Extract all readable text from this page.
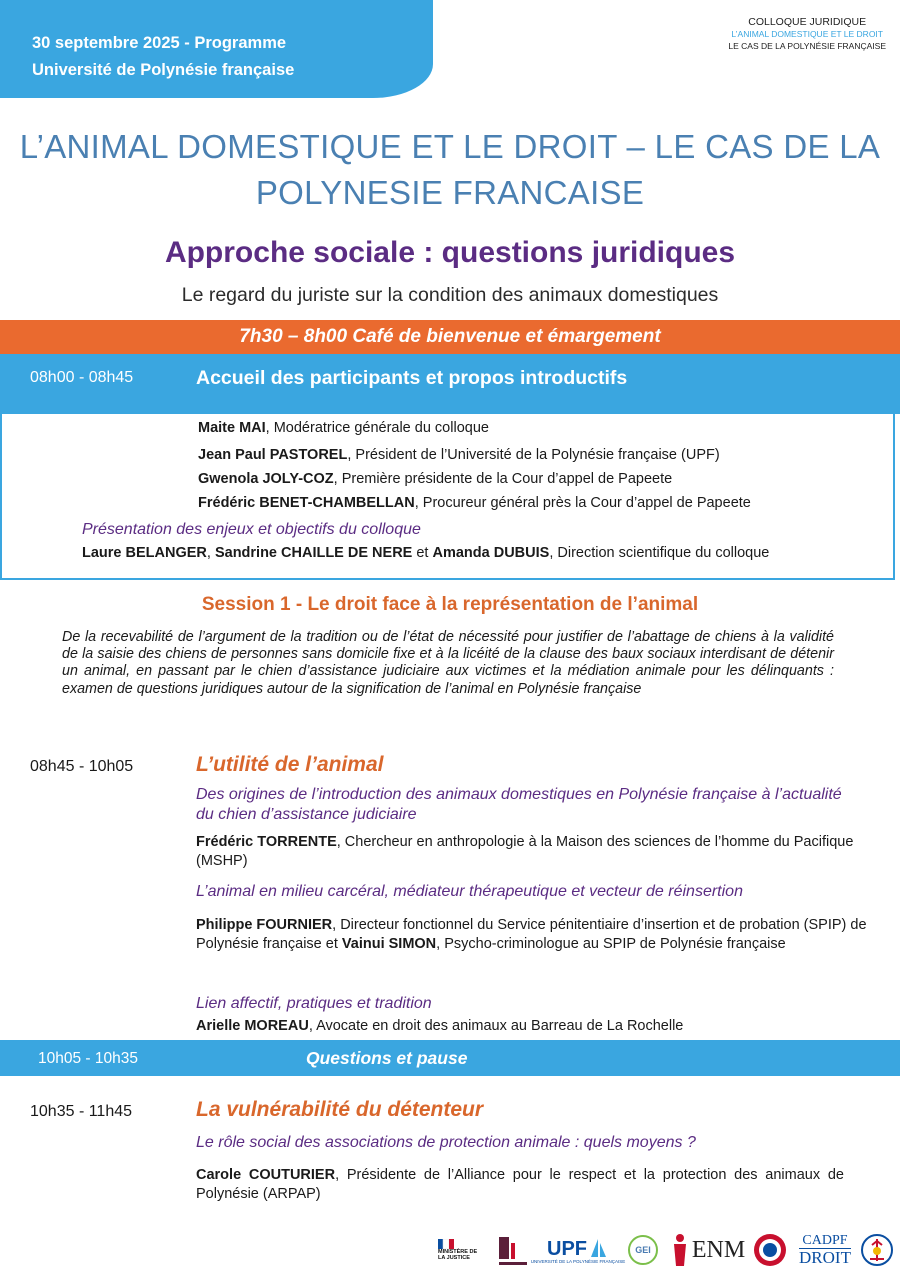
30 septembre 2025 - Programme
Université de Polynésie française
COLLOQUE JURIDIQUE
L’ANIMAL DOMESTIQUE ET LE DROIT
LE CAS DE LA POLYNÉSIE FRANÇAISE
L’ANIMAL DOMESTIQUE ET LE DROIT – LE CAS DE LA
POLYNESIE FRANCAISE
Approche sociale : questions juridiques
Le regard du juriste sur la condition des animaux domestiques
7h30 – 8h00 Café de bienvenue et émargement
08h00 - 08h45	Accueil des participants et propos introductifs
Maite MAI, Modératrice générale du colloque
Jean Paul PASTOREL, Président de l’Université de la Polynésie française (UPF)
Gwenola JOLY-COZ, Première présidente de la Cour d’appel de Papeete
Frédéric BENET-CHAMBELLAN, Procureur général près la Cour d’appel de Papeete
Présentation des enjeux et objectifs du colloque
Laure BELANGER, Sandrine CHAILLE DE NERE et Amanda DUBUIS, Direction scientifique du colloque
Session 1 - Le droit face à la représentation de l’animal
De la recevabilité de l’argument de la tradition ou de l’état de nécessité pour justifier de l’abattage de chiens à la validité de la saisie des chiens de personnes sans domicile fixe et à la licéité de la clause des baux sociaux interdisant de détenir un animal, en passant par le chien d’assistance judiciaire aux victimes et la médiation animale pour les délinquants : examen de questions juridiques autour de la signification de l’animal en Polynésie française
08h45 - 10h05	L’utilité de l’animal
Des origines de l’introduction des animaux domestiques en Polynésie française à l’actualité du chien d’assistance judiciaire
Frédéric TORRENTE, Chercheur en anthropologie à la Maison des sciences de l’homme du Pacifique (MSHP)
L’animal en milieu carcéral, médiateur thérapeutique et vecteur de réinsertion
Philippe FOURNIER, Directeur fonctionnel du Service pénitentiaire d’insertion et de probation (SPIP) de Polynésie française et Vainui SIMON, Psycho-criminologue au SPIP de Polynésie française
Lien affectif, pratiques et tradition
Arielle MOREAU, Avocate en droit des animaux au Barreau de La Rochelle
10h05 - 10h35	Questions et pause
10h35 - 11h45	La vulnérabilité du détenteur
Le rôle social des associations de protection animale : quels moyens ?
Carole COUTURIER, Présidente de l’Alliance pour le respect et la protection des animaux de Polynésie (ARPAP)
MINISTÈRE DE LA JUSTICE	UPF
UNIVERSITÉ DE LA POLYNÉSIE FRANÇAISE
GEI	ENM	CADPF
DROIT
